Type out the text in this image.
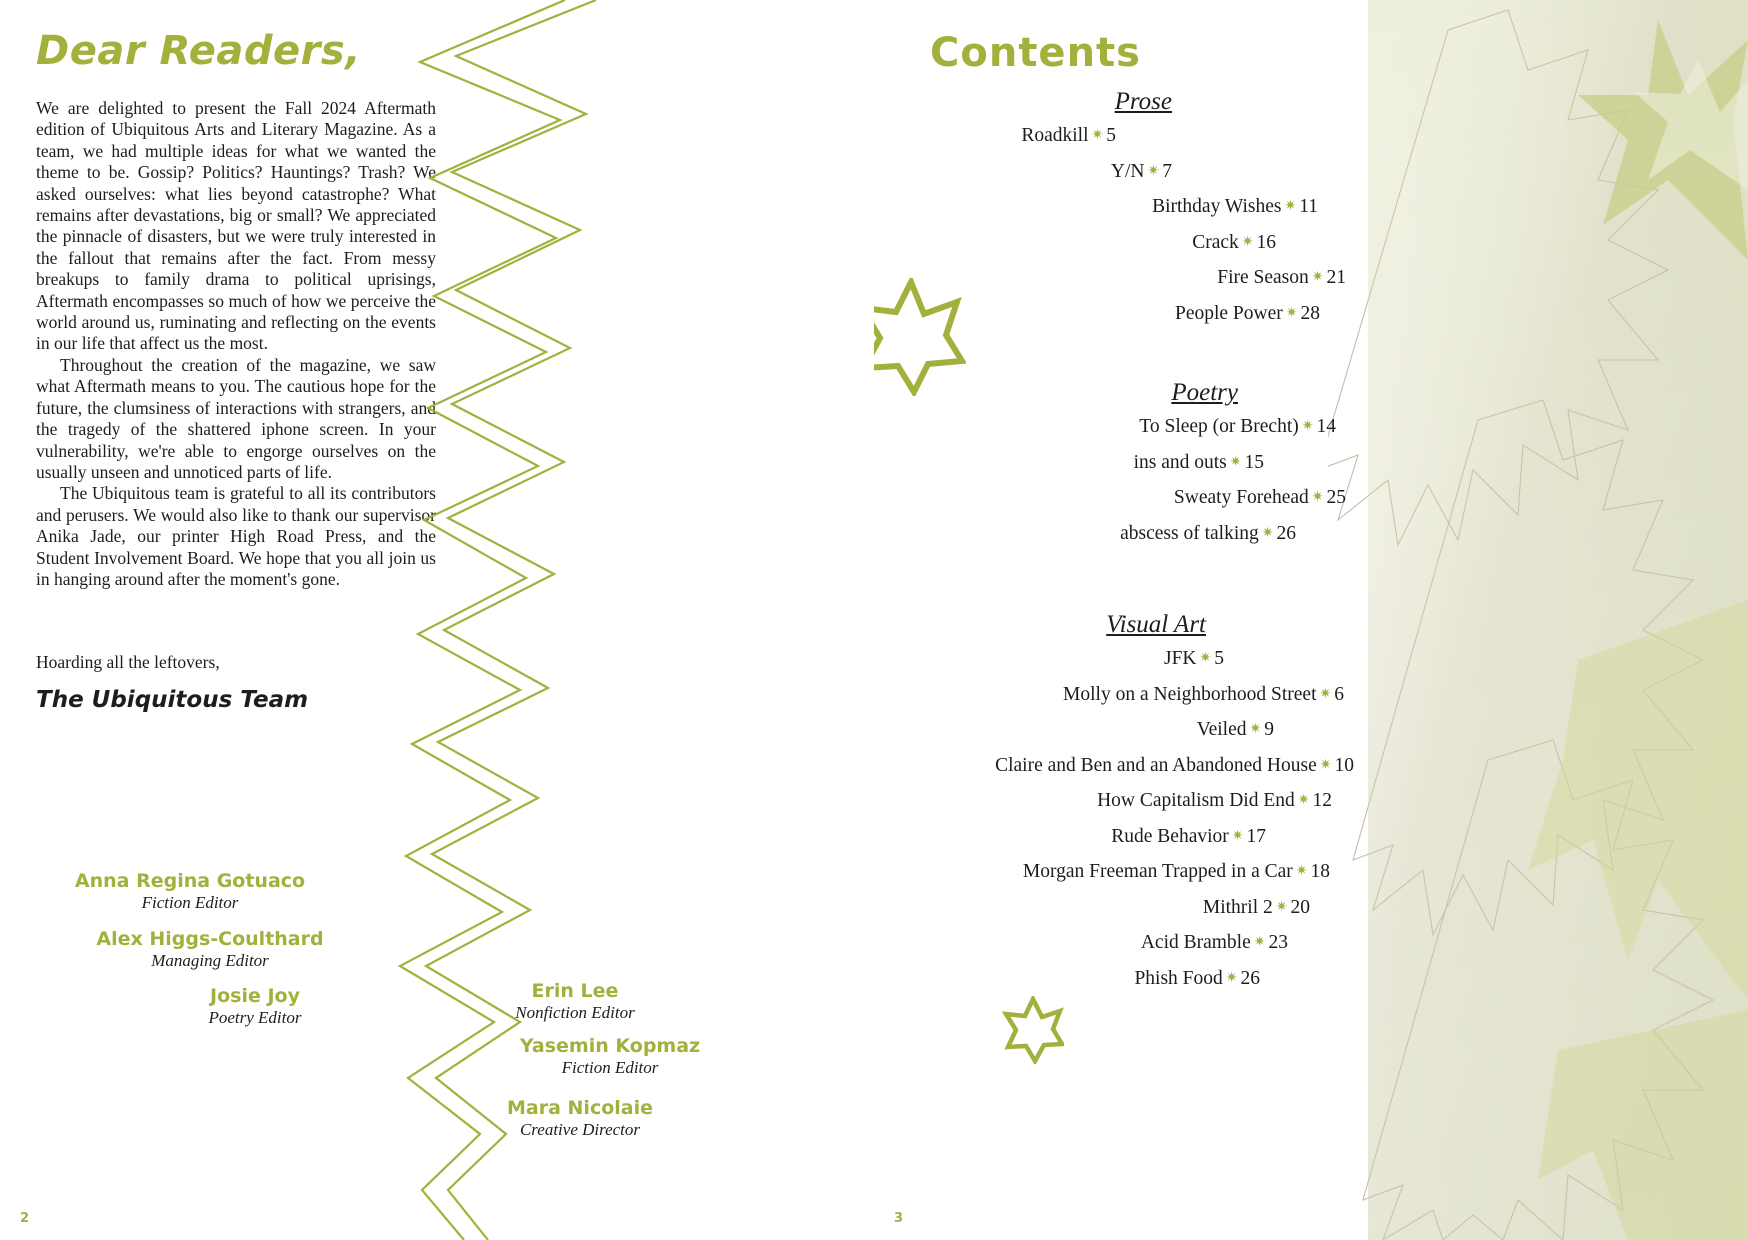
Dear Readers,

We are delighted to present the Fall 2024 Aftermath edition of Ubiquitous Arts and Literary Magazine. As a team, we had multiple ideas for what we wanted the theme to be. Gossip? Politics? Hauntings? Trash? We asked ourselves: what lies beyond catastrophe? What remains after devastations, big or small? We appreciated the pinnacle of disasters, but we were truly interested in the fallout that remains after the fact. From messy breakups to family drama to political uprisings, Aftermath encompasses so much of how we perceive the world around us, ruminating and reflecting on the events in our life that affect us the most.

Throughout the creation of the magazine, we saw what Aftermath means to you. The cautious hope for the future, the clumsiness of interactions with strangers, and the tragedy of the shattered iphone screen. In your vulnerability, we're able to engorge ourselves on the usually unseen and unnoticed parts of life.

The Ubiquitous team is grateful to all its contributors and perusers. We would also like to thank our supervisor Anika Jade, our printer High Road Press, and the Student Involvement Board. We hope that you all join us in hanging around after the moment's gone.

Hoarding all the leftovers,
The Ubiquitous Team
Anna Regina Gotuaco
Fiction Editor
Alex Higgs-Coulthard
Managing Editor
Josie Joy
Poetry Editor
Erin Lee
Nonfiction Editor
Yasemin Kopmaz
Fiction Editor
Mara Nicolaie
Creative Director
2
Contents
Prose
Roadkill ✷ 5
Y/N ✷ 7
Birthday Wishes ✷ 11
Crack ✷ 16
Fire Season ✷ 21
People Power ✷ 28
Poetry
To Sleep (or Brecht) ✷ 14
ins and outs ✷ 15
Sweaty Forehead ✷ 25
abscess of talking ✷ 26
Visual Art
JFK ✷ 5
Molly on a Neighborhood Street ✷ 6
Veiled ✷ 9
Claire and Ben and an Abandoned House ✷ 10
How Capitalism Did End ✷ 12
Rude Behavior ✷ 17
Morgan Freeman Trapped in a Car ✷ 18
Mithril 2 ✷ 20
Acid Bramble ✷ 23
Phish Food ✷ 26
3
